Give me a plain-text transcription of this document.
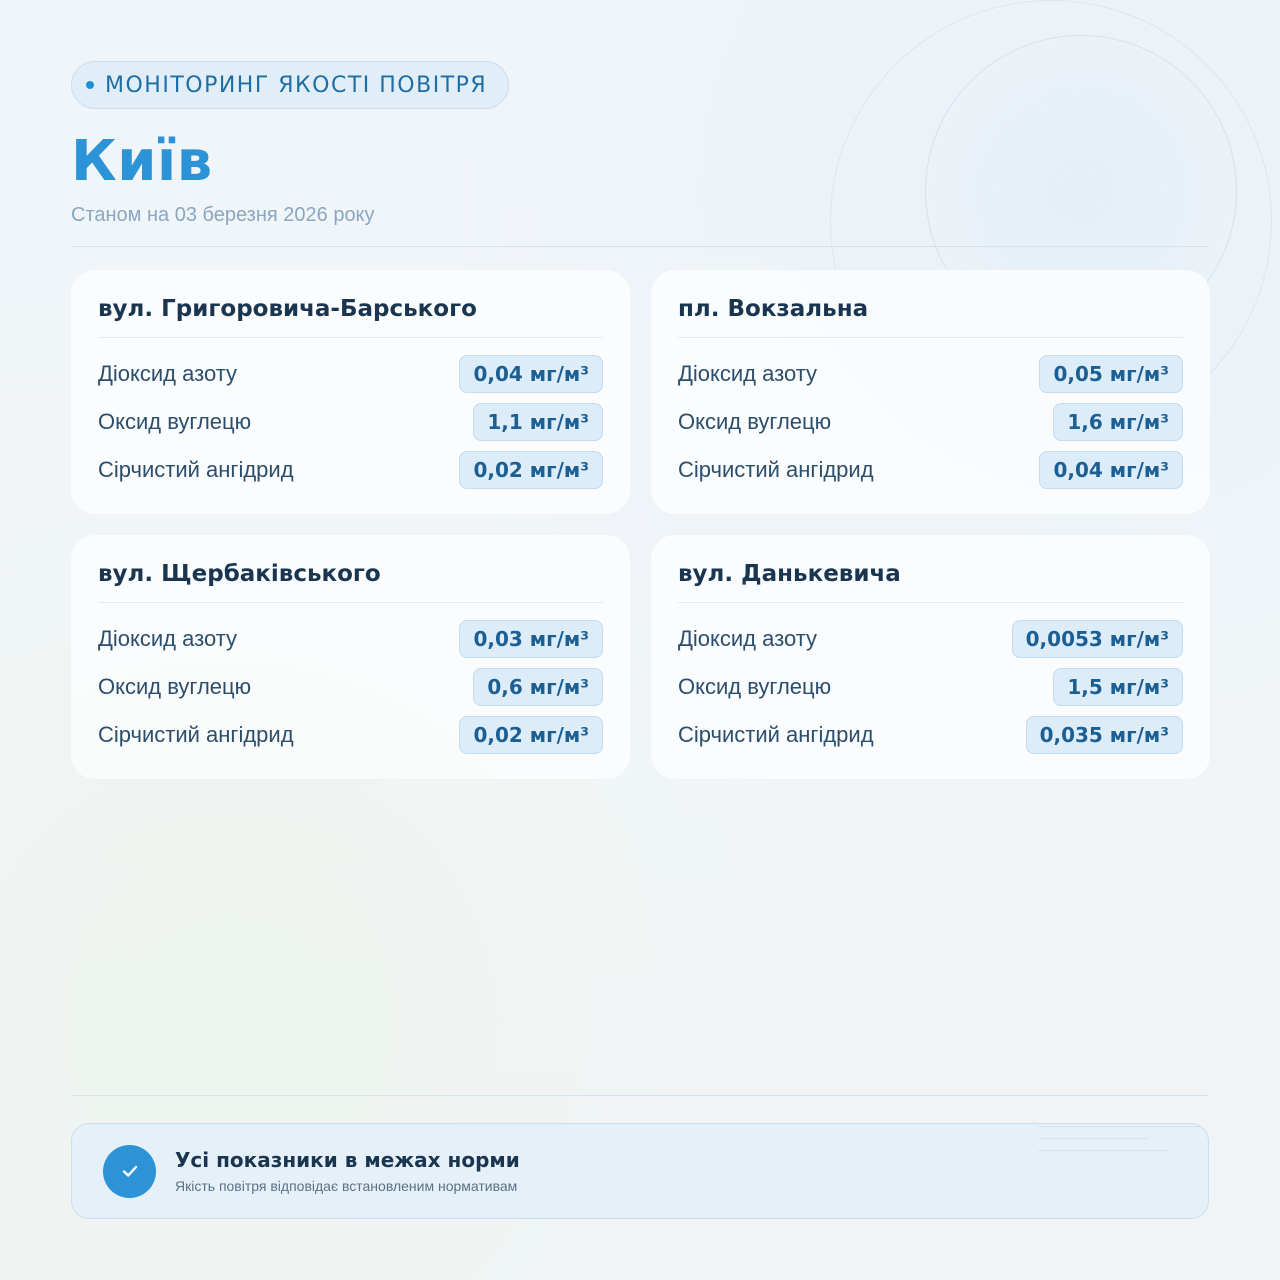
МОНІТОРИНГ ЯКОСТІ ПОВІТРЯ
Київ
Станом на 03 березня 2026 року
вул. Григоровича-Барського
Діоксид азоту	0,04 мг/м³
Оксид вуглецю	1,1 мг/м³
Сірчистий ангідрид	0,02 мг/м³
пл. Вокзальна
Діоксид азоту	0,05 мг/м³
Оксид вуглецю	1,6 мг/м³
Сірчистий ангідрид	0,04 мг/м³
вул. Щербаківського
Діоксид азоту	0,03 мг/м³
Оксид вуглецю	0,6 мг/м³
Сірчистий ангідрид	0,02 мг/м³
вул. Данькевича
Діоксид азоту	0,0053 мг/м³
Оксид вуглецю	1,5 мг/м³
Сірчистий ангідрид	0,035 мг/м³
Усі показники в межах норми
Якість повітря відповідає встановленим нормативам
